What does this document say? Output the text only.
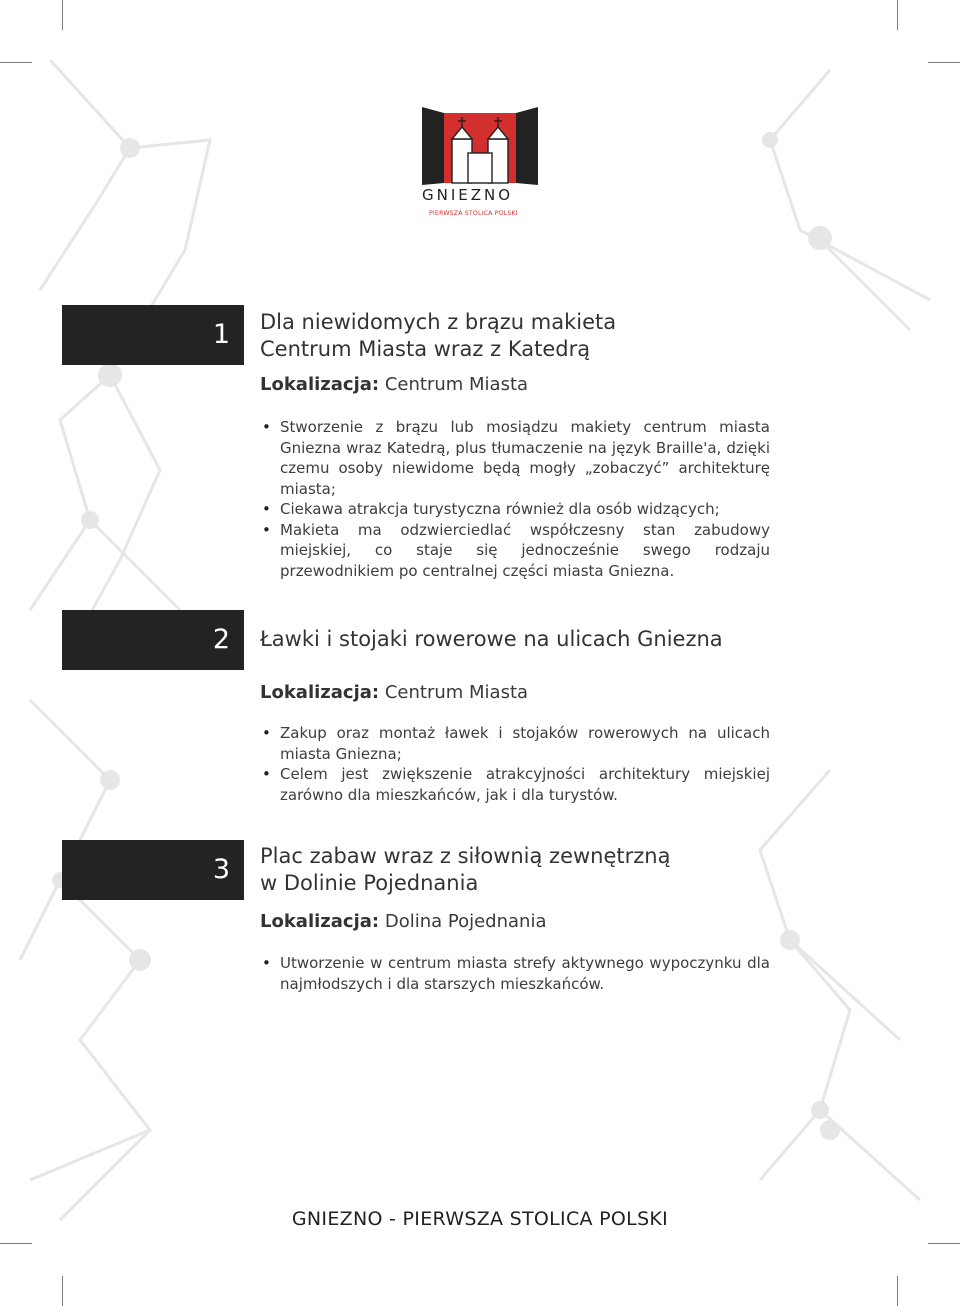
GNIEZNO
PIERWSZA STOLICA POLSKI
1	Dla niewidomych z brązu makieta
Centrum Miasta wraz z Katedrą
Lokalizacja: Centrum Miasta
• Stworzenie z brązu lub mosiądzu makiety centrum miasta Gniezna wraz Katedrą, plus tłumaczenie na język Braille'a, dzięki czemu osoby niewidome będą mogły „zobaczyć” architekturę miasta;
• Ciekawa atrakcja turystyczna również dla osób widzących;
• Makieta ma odzwierciedlać współczesny stan zabudowy miejskiej, co staje się jednocześnie swego rodzaju przewodnikiem po centralnej części miasta Gniezna.
2	Ławki i stojaki rowerowe na ulicach Gniezna
Lokalizacja: Centrum Miasta
• Zakup oraz montaż ławek i stojaków rowerowych na ulicach miasta Gniezna;
• Celem jest zwiększenie atrakcyjności architektury miejskiej zarówno dla mieszkańców, jak i dla turystów.
3	Plac zabaw wraz z siłownią zewnętrzną
w Dolinie Pojednania
Lokalizacja: Dolina Pojednania
• Utworzenie w centrum miasta strefy aktywnego wypoczynku dla najmłodszych i dla starszych mieszkańców.
GNIEZNO - PIERWSZA STOLICA POLSKI
